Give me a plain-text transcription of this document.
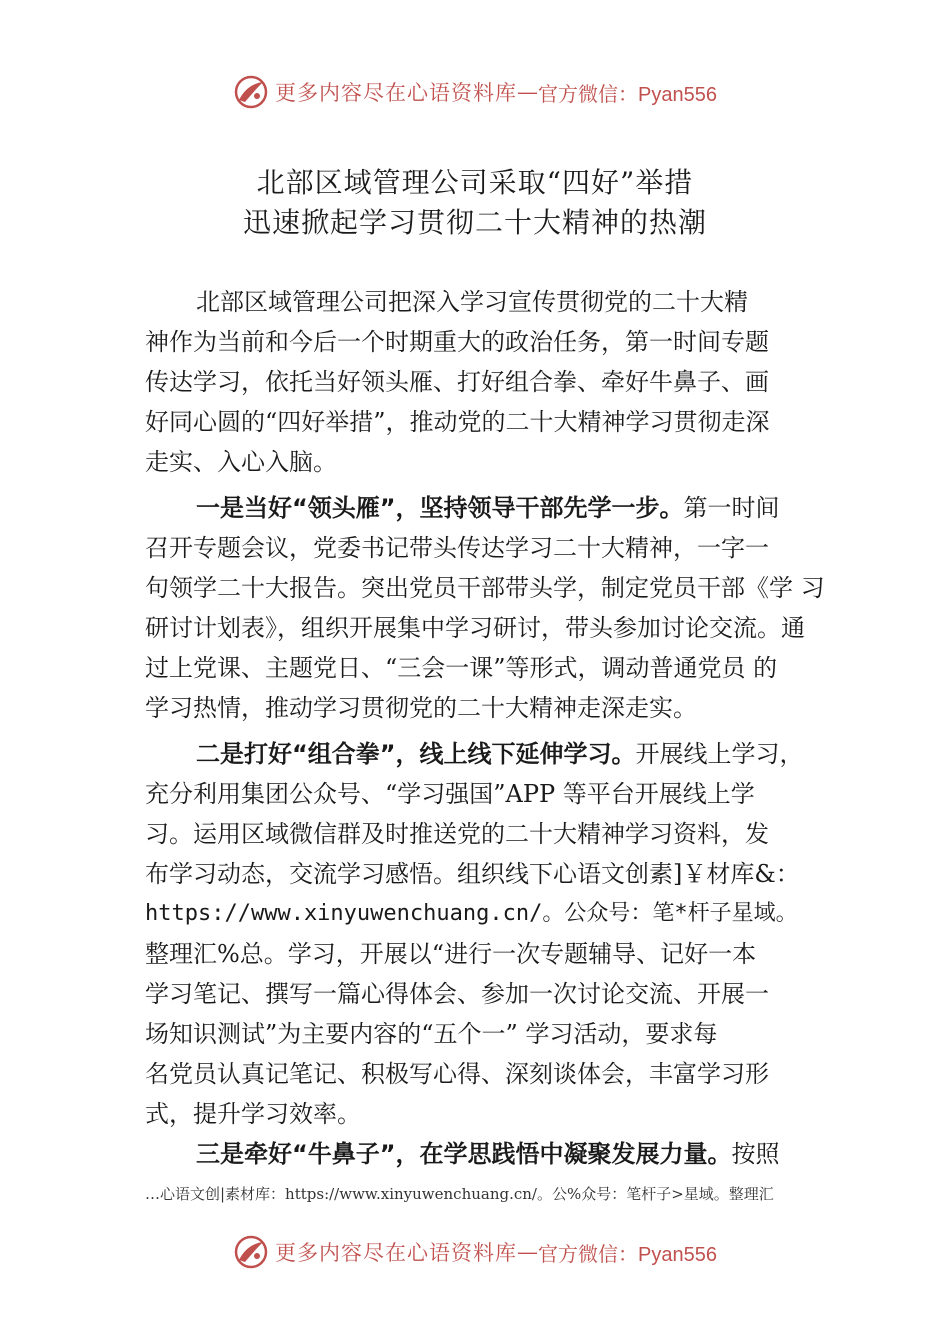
更多内容尽在心语资料库 — 官方微信：Pyan556
北部区域管理公司采取“四好”举措
迅速掀起学习贯彻二十大精神的热潮
北部区域管理公司把深入学习宣传贯彻党的二十大精
神作为当前和今后一个时期重大的政治任务，第一时间专题
传达学习，依托当好领头雁、打好组合拳、牵好牛鼻子、画
好同心圆的“四好举措”，推动党的二十大精神学习贯彻走深
走实、入心入脑。
一是当好“领头雁”，坚持领导干部先学一步。第一时间
召开专题会议，党委书记带头传达学习二十大精神，一字一
句领学二十大报告。突出党员干部带头学，制定党员干部《学 习
研讨计划表》，组织开展集中学习研讨，带头参加讨论交流。通
过上党课、主题党日、“三会一课”等形式，调动普通党员 的
学习热情，推动学习贯彻党的二十大精神走深走实。
二是打好“组合拳”，线上线下延伸学习。开展线上学习，
充分利用集团公众号、“学习强国”APP 等平台开展线上学
习。运用区域微信群及时推送党的二十大精神学习资料，发
布学习动态，交流学习感悟。组织线下心语文创素]￥材库&：
https://www.xinyuwenchuang.cn/。公众号：笔*杆子星域。
整理汇%总。学习，开展以“进行一次专题辅导、记好一本
学习笔记、撰写一篇心得体会、参加一次讨论交流、开展一
场知识测试”为主要内容的“五个一” 学习活动，要求每
名党员认真记笔记、积极写心得、深刻谈体会，丰富学习形
式，提升学习效率。
三是牵好“牛鼻子”，在学思践悟中凝聚发展力量。按照
…心语文创|素材库：https://www.xinyuwenchuang.cn/。公%众号：笔杆子>星域。整理汇
更多内容尽在心语资料库 — 官方微信：Pyan556
